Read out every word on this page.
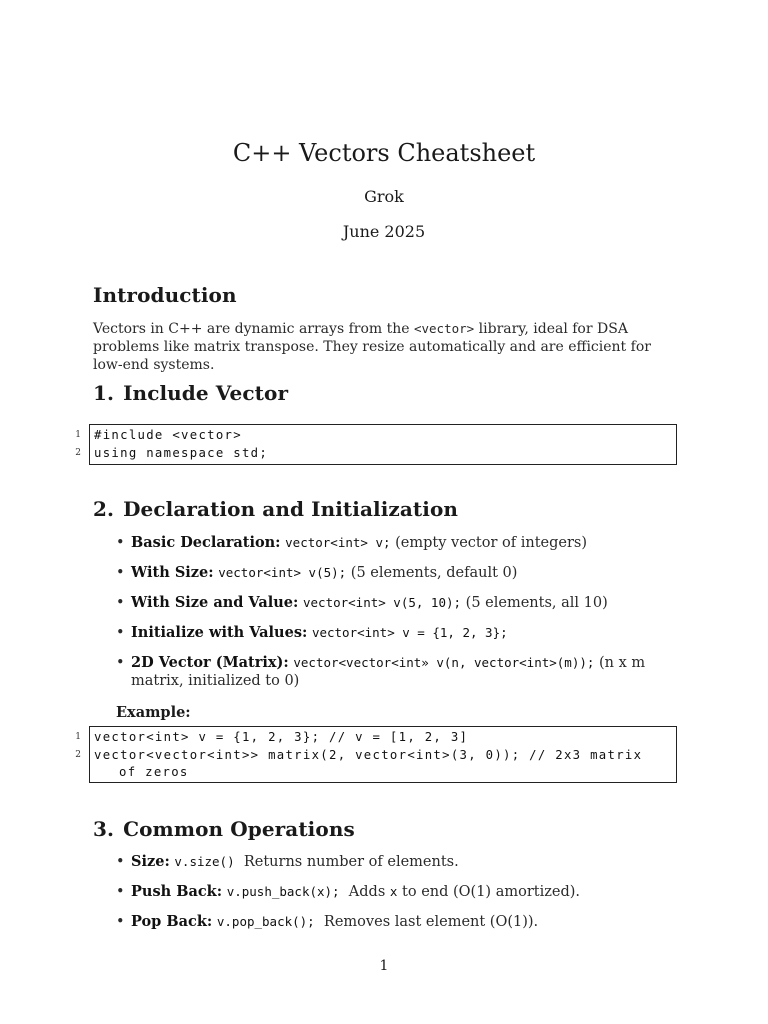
C++ Vectors Cheatsheet
Grok
June 2025
Introduction
Vectors in C++ are dynamic arrays from the <vector> library, ideal for DSA problems like matrix transpose. They resize automatically and are efficient for low-end systems.
1. Include Vector
1 #include <vector>
2 using namespace std;
2. Declaration and Initialization
• Basic Declaration: vector<int> v; (empty vector of integers)
• With Size: vector<int> v(5); (5 elements, default 0)
• With Size and Value: vector<int> v(5, 10); (5 elements, all 10)
• Initialize with Values: vector<int> v = {1, 2, 3};
• 2D Vector (Matrix): vector<vector<int» v(n, vector<int>(m)); (n x m matrix, initialized to 0)
Example:
1 vector<int> v = {1, 2, 3}; // v = [1, 2, 3]
2 vector<vector<int>> matrix(2, vector<int>(3, 0)); // 2x3 matrix
of zeros
3. Common Operations
• Size: v.size()  Returns number of elements.
• Push Back: v.push_back(x);  Adds x to end (O(1) amortized).
• Pop Back: v.pop_back();  Removes last element (O(1)).
1
